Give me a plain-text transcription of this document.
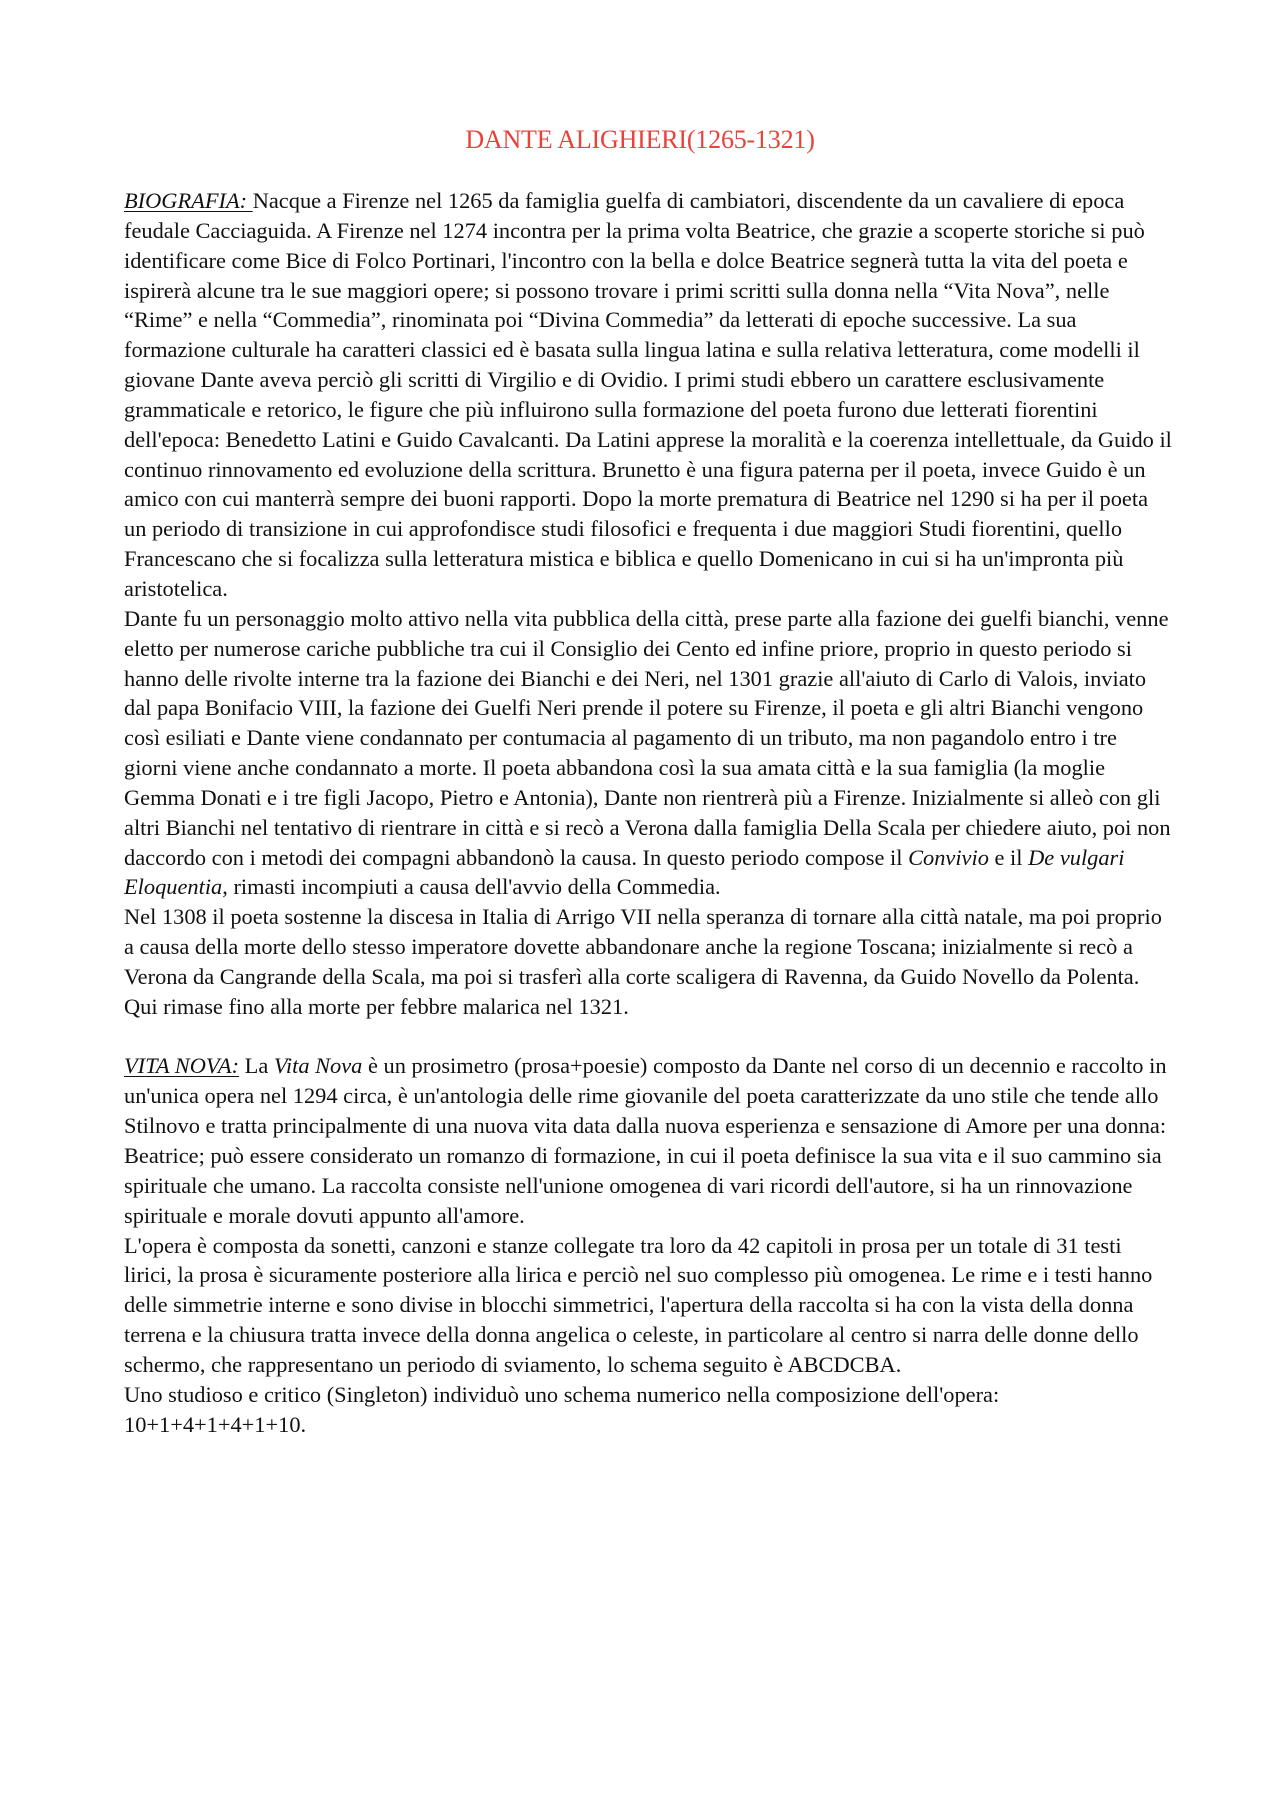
DANTE ALIGHIERI(1265-1321)

BIOGRAFIA: Nacque a Firenze nel 1265 da famiglia guelfa di cambiatori, discendente da un cavaliere di epoca feudale Cacciaguida. A Firenze nel 1274 incontra per la prima volta Beatrice, che grazie a scoperte storiche si può identificare come Bice di Folco Portinari, l'incontro con la bella e dolce Beatrice segnerà tutta la vita del poeta e ispirerà alcune tra le sue maggiori opere; si possono trovare i primi scritti sulla donna nella “Vita Nova”, nelle “Rime” e nella “Commedia”, rinominata poi “Divina Commedia” da letterati di epoche successive. La sua formazione culturale ha caratteri classici ed è basata sulla lingua latina e sulla relativa letteratura, come modelli il giovane Dante aveva perciò gli scritti di Virgilio e di Ovidio. I primi studi ebbero un carattere esclusivamente grammaticale e retorico, le figure che più influirono sulla formazione del poeta furono due letterati fiorentini dell'epoca: Benedetto Latini e Guido Cavalcanti. Da Latini apprese la moralità e la coerenza intellettuale, da Guido il continuo rinnovamento ed evoluzione della scrittura. Brunetto è una figura paterna per il poeta, invece Guido è un amico con cui manterrà sempre dei buoni rapporti. Dopo la morte prematura di Beatrice nel 1290 si ha per il poeta un periodo di transizione in cui approfondisce studi filosofici e frequenta i due maggiori Studi fiorentini, quello Francescano che si focalizza sulla letteratura mistica e biblica e quello Domenicano in cui si ha un'impronta più aristotelica.

Dante fu un personaggio molto attivo nella vita pubblica della città, prese parte alla fazione dei guelfi bianchi, venne eletto per numerose cariche pubbliche tra cui il Consiglio dei Cento ed infine priore, proprio in questo periodo si hanno delle rivolte interne tra la fazione dei Bianchi e dei Neri, nel 1301 grazie all'aiuto di Carlo di Valois, inviato dal papa Bonifacio VIII, la fazione dei Guelfi Neri prende il potere su Firenze, il poeta e gli altri Bianchi vengono così esiliati e Dante viene condannato per contumacia al pagamento di un tributo, ma non pagandolo entro i tre giorni viene anche condannato a morte. Il poeta abbandona così la sua amata città e la sua famiglia (la moglie Gemma Donati e i tre figli Jacopo, Pietro e Antonia), Dante non rientrerà più a Firenze. Inizialmente si alleò con gli altri Bianchi nel tentativo di rientrare in città e si recò a Verona dalla famiglia Della Scala per chiedere aiuto, poi non daccordo con i metodi dei compagni abbandonò la causa. In questo periodo compose il Convivio e il De vulgari Eloquentia, rimasti incompiuti a causa dell'avvio della Commedia.

Nel 1308 il poeta sostenne la discesa in Italia di Arrigo VII nella speranza di tornare alla città natale, ma poi proprio a causa della morte dello stesso imperatore dovette abbandonare anche la regione Toscana; inizialmente si recò a Verona da Cangrande della Scala, ma poi si trasferì alla corte scaligera di Ravenna, da Guido Novello da Polenta. Qui rimase fino alla morte per febbre malarica nel 1321.

VITA NOVA: La Vita Nova è un prosimetro (prosa+poesie) composto da Dante nel corso di un decennio e raccolto in un'unica opera nel 1294 circa, è un'antologia delle rime giovanile del poeta caratterizzate da uno stile che tende allo Stilnovo e tratta principalmente di una nuova vita data dalla nuova esperienza e sensazione di Amore per una donna: Beatrice; può essere considerato un romanzo di formazione, in cui il poeta definisce la sua vita e il suo cammino sia spirituale che umano. La raccolta consiste nell'unione omogenea di vari ricordi dell'autore, si ha un rinnovazione spirituale e morale dovuti appunto all'amore.

L'opera è composta da sonetti, canzoni e stanze collegate tra loro da 42 capitoli in prosa per un totale di 31 testi lirici, la prosa è sicuramente posteriore alla lirica e perciò nel suo complesso più omogenea. Le rime e i testi hanno delle simmetrie interne e sono divise in blocchi simmetrici, l'apertura della raccolta si ha con la vista della donna terrena e la chiusura tratta invece della donna angelica o celeste, in particolare al centro si narra delle donne dello schermo, che rappresentano un periodo di sviamento, lo schema seguito è ABCDCBA.

Uno studioso e critico (Singleton) individuò uno schema numerico nella composizione dell'opera: 10+1+4+1+4+1+10.
